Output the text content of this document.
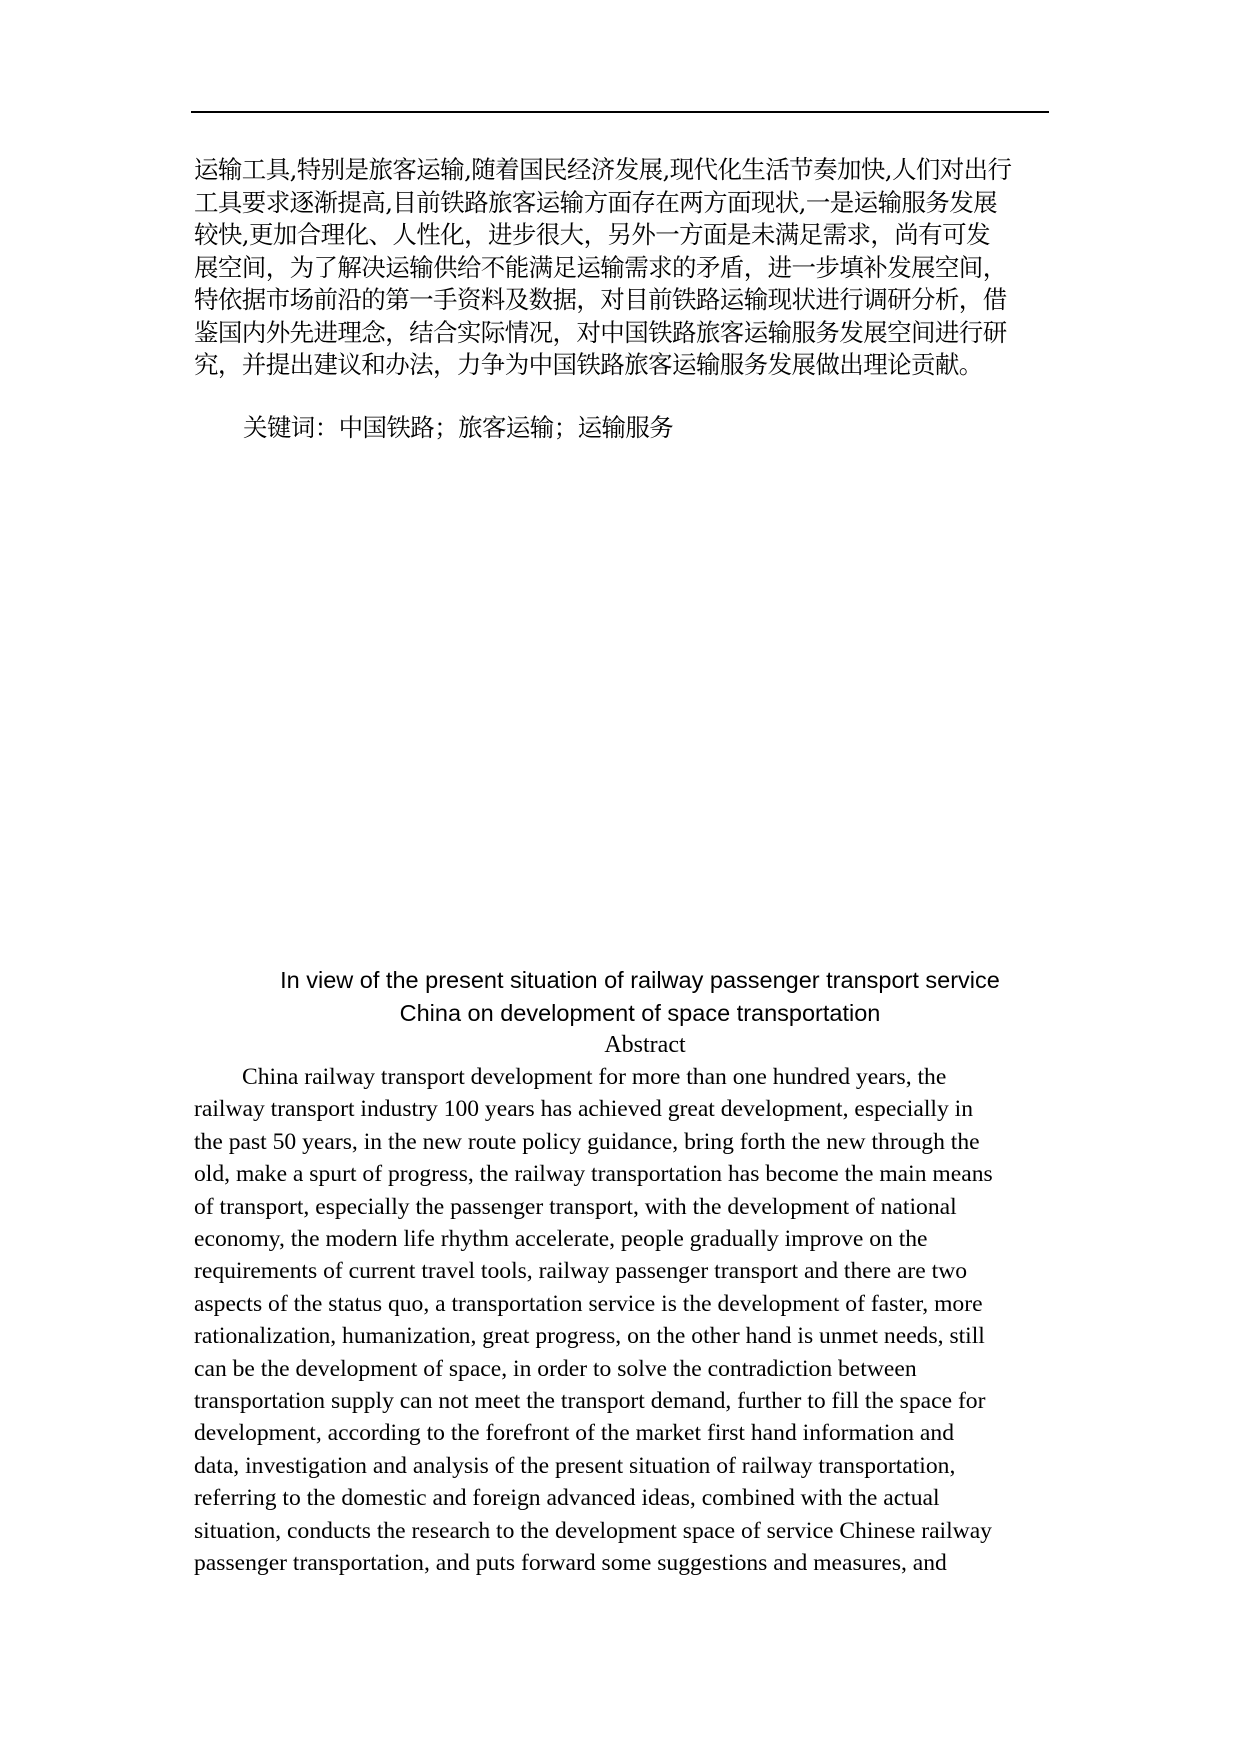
运输工具,特别是旅客运输,随着国民经济发展,现代化生活节奏加快,人们对出行
工具要求逐渐提高,目前铁路旅客运输方面存在两方面现状,一是运输服务发展
较快,更加合理化、人性化，进步很大，另外一方面是未满足需求，尚有可发
展空间，为了解决运输供给不能满足运输需求的矛盾，进一步填补发展空间，
特依据市场前沿的第一手资料及数据，对目前铁路运输现状进行调研分析，借
鉴国内外先进理念，结合实际情况，对中国铁路旅客运输服务发展空间进行研
究，并提出建议和办法，力争为中国铁路旅客运输服务发展做出理论贡献。

关键词：中国铁路；旅客运输；运输服务

In view of the present situation of railway passenger transport service
China on development of space transportation
Abstract
China railway transport development for more than one hundred years, the
railway transport industry 100 years has achieved great development, especially in
the past 50 years, in the new route policy guidance, bring forth the new through the
old, make a spurt of progress, the railway transportation has become the main means
of transport, especially the passenger transport, with the development of national
economy, the modern life rhythm accelerate, people gradually improve on the
requirements of current travel tools, railway passenger transport and there are two
aspects of the status quo, a transportation service is the development of faster, more
rationalization, humanization, great progress, on the other hand is unmet needs, still
can be the development of space, in order to solve the contradiction between
transportation supply can not meet the transport demand, further to fill the space for
development, according to the forefront of the market first hand information and
data, investigation and analysis of the present situation of railway transportation,
referring to the domestic and foreign advanced ideas, combined with the actual
situation, conducts the research to the development space of service Chinese railway
passenger transportation, and puts forward some suggestions and measures, and
